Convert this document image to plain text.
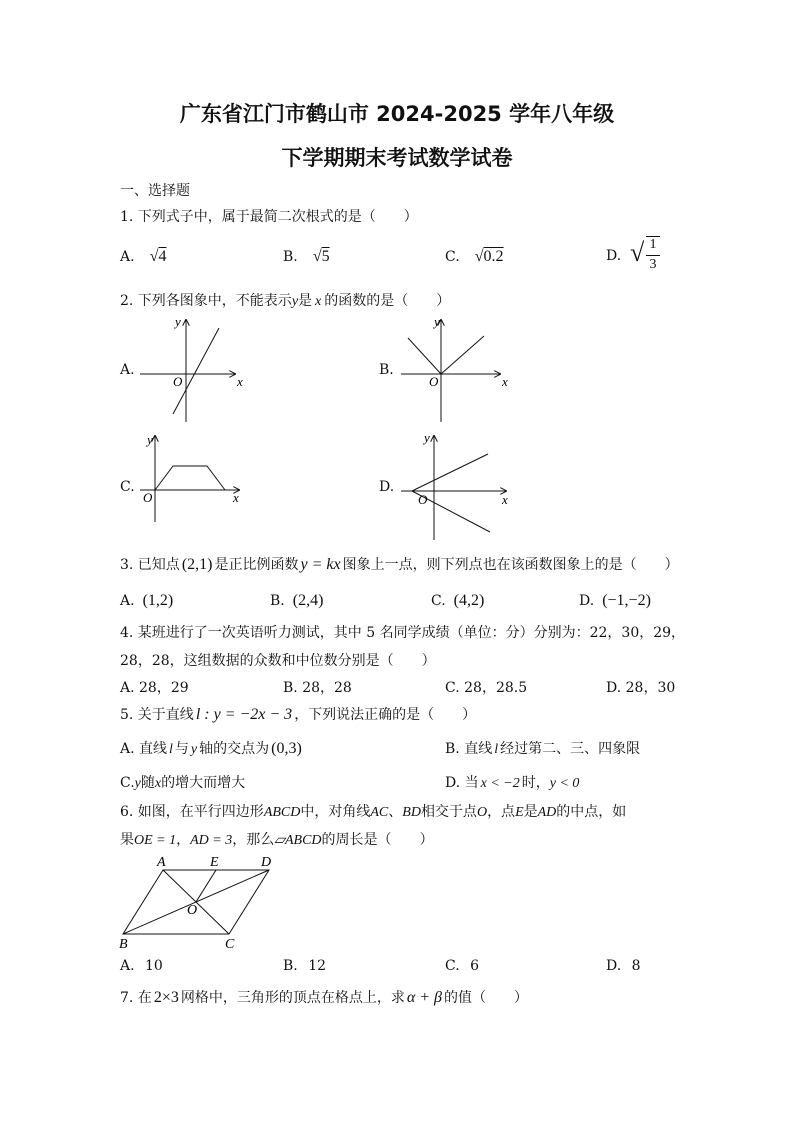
广东省江门市鹤山市 2024-2025 学年八年级
下学期期末考试数学试卷
一、选择题
1. 下列式子中，属于最简二次根式的是（　　）
A. √4	B. √5	C. √0.2	D. √ 1
3
2. 下列各图象中，不能表示y是 x 的函数的是（　　）
A.
y
x
O
B.
y
x
O
C.
y
x
O
D.
y
x
O
3. 已知点 (2,1) 是正比例函数 y = kx 图象上一点，则下列点也在该函数图象上的是（　　）
A. (1,2)	B. (2,4)	C. (4,2)	D. (−1,−2)
4. 某班进行了一次英语听力测试，其中 5 名同学成绩（单位：分）分别为：22，30，29，
28，28，这组数据的众数和中位数分别是（　　）
A. 28，29	B. 28，28	C. 28，28.5	D. 28，30
5. 关于直线 l : y = −2x − 3 ，下列说法正确的是（　　）
A. 直线 l 与 y 轴的交点为 (0,3)	B. 直线 l 经过第二、三、四象限
C.y随x的增大而增大	D. 当 x < −2 时，y < 0
6. 如图，在平行四边形ABCD中，对角线AC、BD相交于点O，点E是AD的中点，如
果OE = 1，AD = 3，那么▱ABCD的周长是（　　）
A	E	D
O
B	C
A. 10	B. 12	C. 6	D. 8
7. 在 2×3 网格中，三角形的顶点在格点上，求 α + β 的值（　　）
